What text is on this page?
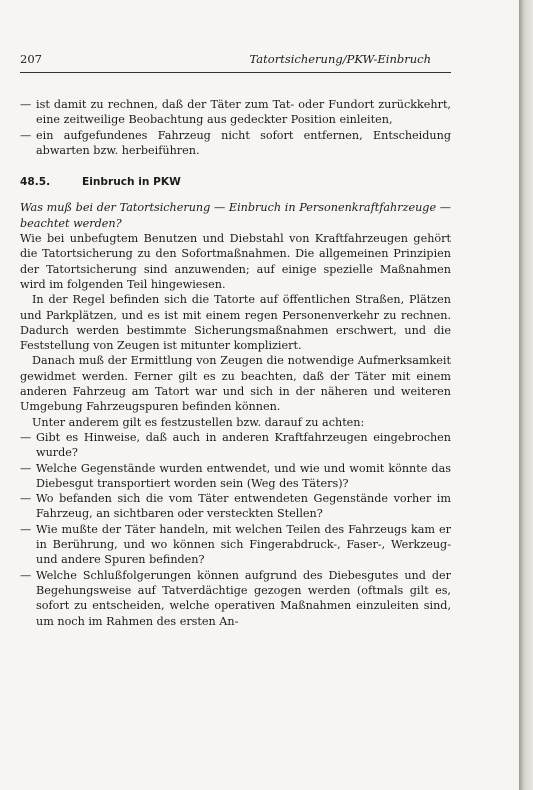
207	Tatortsicherung/PKW-Einbruch
— ist damit zu rechnen, daß der Täter zum Tat- oder Fundort zurückkehrt, eine zeitweilige Beobachtung aus gedeckter Position einleiten,
— ein aufgefundenes Fahrzeug nicht sofort entfernen, Entscheidung abwarten bzw. herbeiführen.
48.5.	Einbruch in PKW

Was muß bei der Tatortsicherung — Einbruch in Personenkraftfahrzeuge — beachtet werden?

Wie bei unbefugtem Benutzen und Diebstahl von Kraftfahrzeugen gehört die Tatortsicherung zu den Sofortmaßnahmen. Die allgemeinen Prinzipien der Tatortsicherung sind anzuwenden; auf einige spezielle Maßnahmen wird im folgenden Teil hingewiesen.

In der Regel befinden sich die Tatorte auf öffentlichen Straßen, Plätzen und Parkplätzen, und es ist mit einem regen Personenverkehr zu rechnen. Dadurch werden bestimmte Sicherungsmaßnahmen erschwert, und die Feststellung von Zeugen ist mitunter kompliziert.

Danach muß der Ermittlung von Zeugen die notwendige Aufmerksamkeit gewidmet werden. Ferner gilt es zu beachten, daß der Täter mit einem anderen Fahrzeug am Tatort war und sich in der näheren und weiteren Umgebung Fahrzeugspuren befinden können.

Unter anderem gilt es festzustellen bzw. darauf zu achten:

— Gibt es Hinweise, daß auch in anderen Kraftfahrzeugen eingebrochen wurde?
— Welche Gegenstände wurden entwendet, und wie und womit könnte das Diebesgut transportiert worden sein (Weg des Täters)?
— Wo befanden sich die vom Täter entwendeten Gegenstände vorher im Fahrzeug, an sichtbaren oder versteckten Stellen?
— Wie mußte der Täter handeln, mit welchen Teilen des Fahrzeugs kam er in Berührung, und wo können sich Fingerabdruck-, Faser-, Werkzeug- und andere Spuren befinden?
— Welche Schlußfolgerungen können aufgrund des Diebesgutes und der Begehungsweise auf Tatverdächtige gezogen werden (oftmals gilt es, sofort zu entscheiden, welche operativen Maßnahmen einzuleiten sind, um noch im Rahmen des ersten An-
